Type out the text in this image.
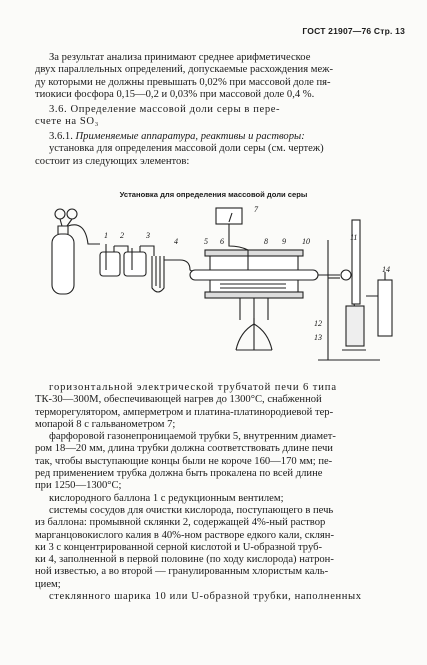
ГОСТ 21907—76 Стр. 13
За результат анализа принимают среднее арифметическое
двух параллельных определений, допускаемые расхождения меж-
ду которыми не должны превышать 0,02% при массовой доле пя-
тиокиси фосфора 0,15—0,2 и 0,03% при массовой доле 0,4 %.
3.6. Определение массовой доли серы в пере-
счете на SO₃
3.6.1. Применяемые аппаратура, реактивы и растворы:
установка для определения массовой доли серы (см. чертеж)
состоит из следующих элементов:
Установка для определения массовой доли серы
1 2	3
4	5 6
7
8 9 10	11
12
13
14
горизонтальной электрической трубчатой печи 6 типа
ТК-30—300М, обеспечивающей нагрев до 1300°С, снабженной
терморегулятором, амперметром и платина-платинородиевой тер-
мопарой 8 с гальванометром 7;
фарфоровой газонепроницаемой трубки 5, внутренним диамет-
ром 18—20 мм, длина трубки должна соответствовать длине печи
так, чтобы выступающие концы были не короче 160—170 мм; пе-
ред применением трубка должна быть прокалена по всей длине
при 1250—1300°С;
кислородного баллона 1 с редукционным вентилем;
системы сосудов для очистки кислорода, поступающего в печь
из баллона: промывной склянки 2, содержащей 4%-ный раствор
марганцовокислого калия в 40%-ном растворе едкого кали, склян-
ки 3 с концентрированной серной кислотой и U-образной труб-
ки 4, заполненной в первой половине (по ходу кислорода) натрон-
ной известью, а во второй — гранулированным хлористым каль-
цием;
стеклянного шарика 10 или U-образной трубки, наполненных
